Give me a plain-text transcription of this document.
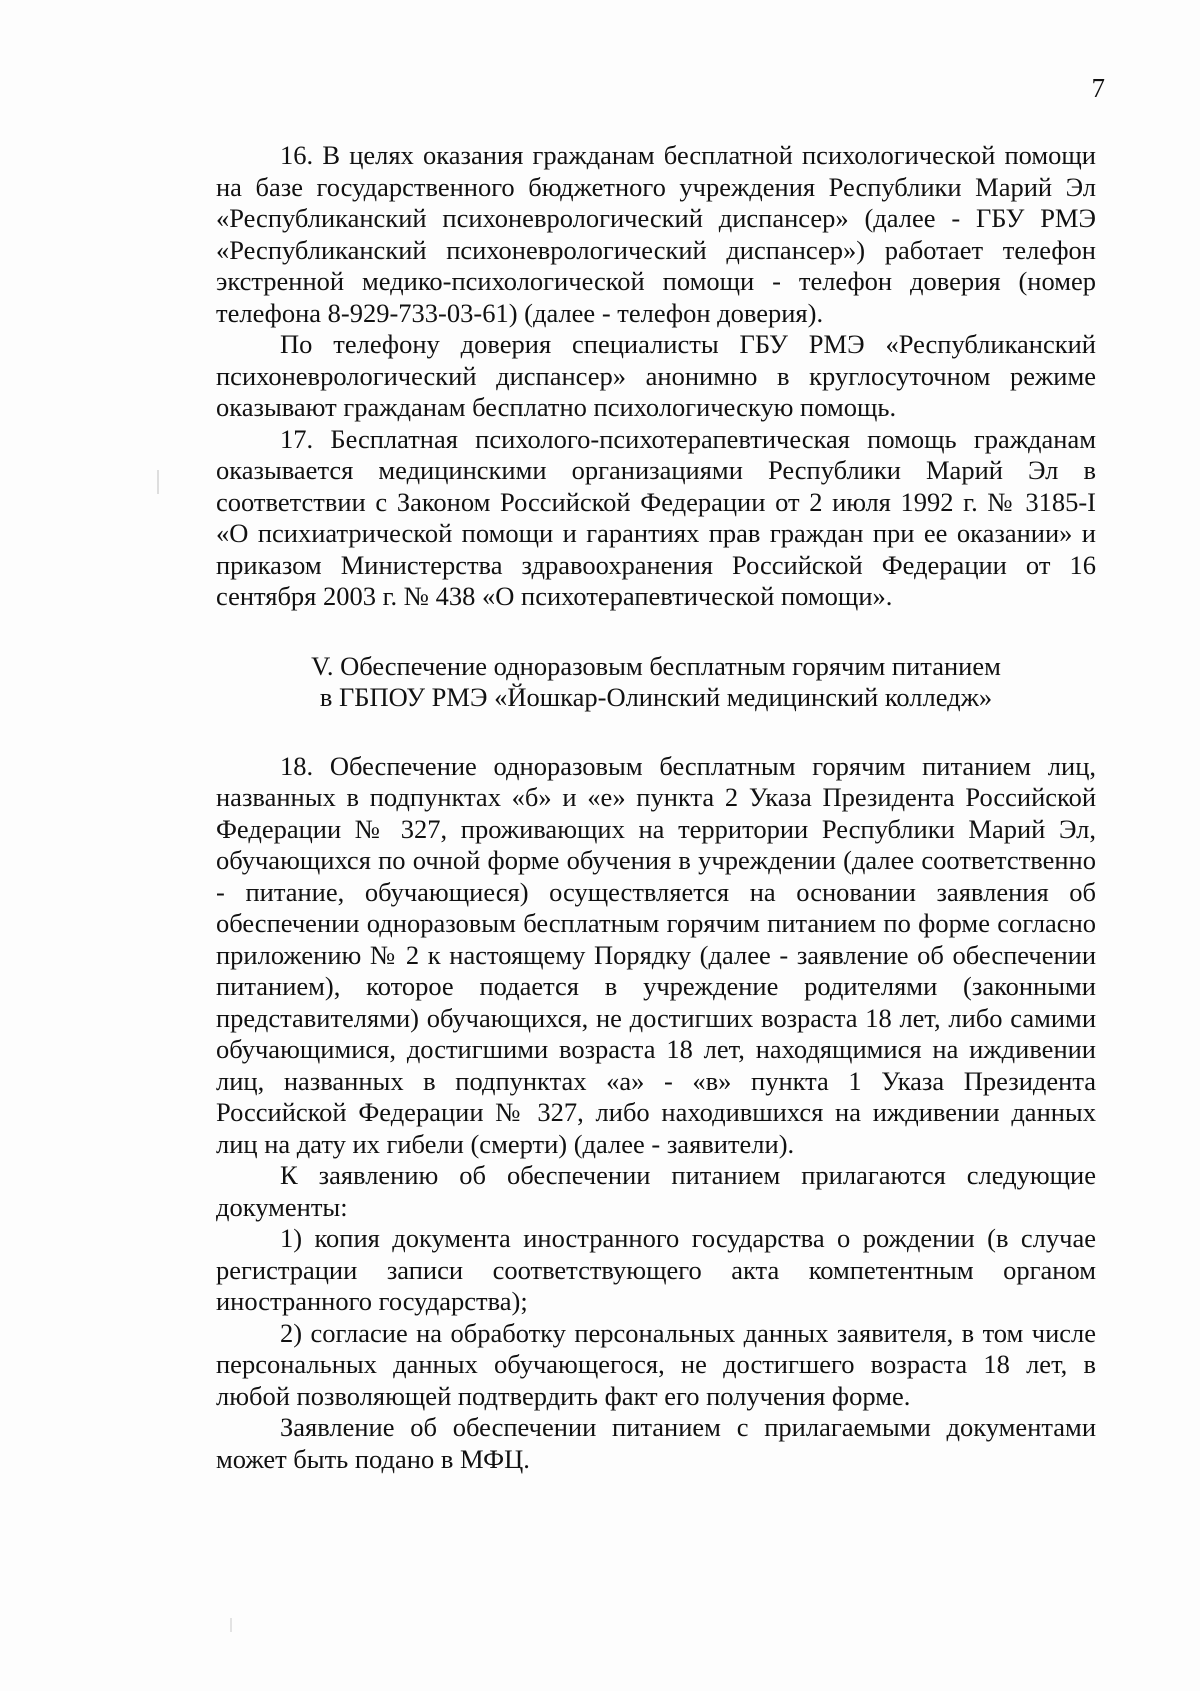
7

16. В целях оказания гражданам бесплатной психологической помощи на базе государственного бюджетного учреждения Республики Марий Эл «Республиканский психоневрологический диспансер» (далее - ГБУ РМЭ «Республиканский психоневрологический диспансер») работает телефон экстренной медико-психологической помощи - телефон доверия (номер телефона 8-929-733-03-61) (далее - телефон доверия).

По телефону доверия специалисты ГБУ РМЭ «Республиканский психоневрологический диспансер» анонимно в круглосуточном режиме оказывают гражданам бесплатно психологическую помощь.

17. Бесплатная психолого-психотерапевтическая помощь гражданам оказывается медицинскими организациями Республики Марий Эл в соответствии с Законом Российской Федерации от 2 июля 1992 г. № 3185-I «О психиатрической помощи и гарантиях прав граждан при ее оказании» и приказом Министерства здравоохранения Российской Федерации от 16 сентября 2003 г. № 438 «О психотерапевтической помощи».

V. Обеспечение одноразовым бесплатным горячим питанием
в ГБПОУ РМЭ «Йошкар-Олинский медицинский колледж»

18. Обеспечение одноразовым бесплатным горячим питанием лиц, названных в подпунктах «б» и «е» пункта 2 Указа Президента Российской Федерации № 327, проживающих на территории Республики Марий Эл, обучающихся по очной форме обучения в учреждении (далее соответственно - питание, обучающиеся) осуществляется на основании заявления об обеспечении одноразовым бесплатным горячим питанием по форме согласно приложению № 2 к настоящему Порядку (далее - заявление об обеспечении питанием), которое подается в учреждение родителями (законными представителями) обучающихся, не достигших возраста 18 лет, либо самими обучающимися, достигшими возраста 18 лет, находящимися на иждивении лиц, названных в подпунктах «а» - «в» пункта 1 Указа Президента Российской Федерации № 327, либо находившихся на иждивении данных лиц на дату их гибели (смерти) (далее - заявители).

К заявлению об обеспечении питанием прилагаются следующие документы:

1) копия документа иностранного государства о рождении (в случае регистрации записи соответствующего акта компетентным органом иностранного государства);

2) согласие на обработку персональных данных заявителя, в том числе персональных данных обучающегося, не достигшего возраста 18 лет, в любой позволяющей подтвердить факт его получения форме.

Заявление об обеспечении питанием с прилагаемыми документами может быть подано в МФЦ.
